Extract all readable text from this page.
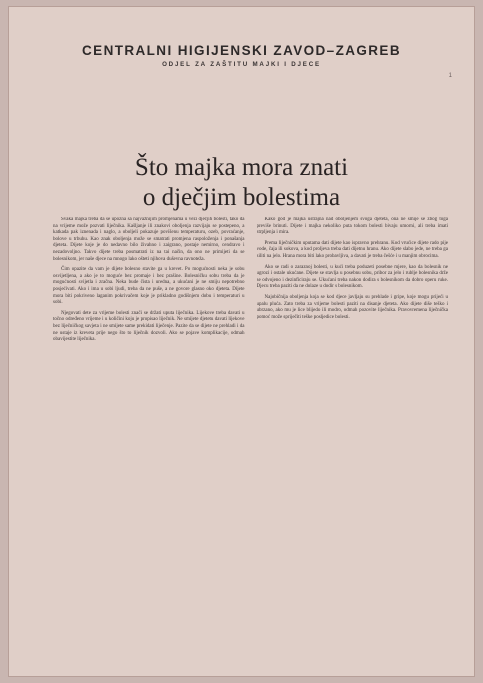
CENTRALNI HIGIJENSKI ZAVOD–ZAGREB
ODJEL ZA ZAŠTITU MAJKI I DJECE
1
Što majka mora znati
o dječjim bolestima

Svaka majka treba da se upozna sa najvažnijim promjenama u vezi dječjih bolesti, tako da na vrijeme može pozvati liječnika. Kašljanje ili znakovi oboljenja razvijaju se postepeno, a katkada pak iznenada i naglo, a oboljeli pokazuje povišenu temperaturu, ozeb, povraćanje, bolove u trbuhu. Kao znak oboljenja može se smatrati promjena raspoloženja i ponašanja djeteta. Dijete koje je do nedavno bilo živahno i zaigrano, postaje nemirno, cendravo i nezadovoljno. Takvo dijete treba posmatrati iz na tai način, da ono ne primijeti da se bolesnikom, jer naše djece na mnogo lako ošteti njihova duševna ravnoteža.

Čim opazite da vam je dijete bolesno stavite ga u krevet. Po mogućnosti neka je sobu osvijetljena, a ako je to moguće bez promaje i bez prašine. Bolesničku sobu treba da je mogućnosti svijetla i zračna. Neka bude čista i uredna, a ukućani je ne smiju nepotrebno posjećivati. Ako i ima u sobi ljudi, treba da ne puše, a ne govore glasno oko djeteta. Dijete mora biti pokriveno laganim pokrivačem koje je prikladno godišnjem dobu i temperaturi u sobi.

Njegovati dete za vrijeme bolesti znači se držati uputa liječnika. Lijekove treba davati u točno određeno vrijeme i u količini koju je propisao liječnik. Ne smijete djetetu davati lijekove bez liječničkog savjeta i ne smijete same prekidati liječenje. Pazite da se dijete ne prehladi i da ne ustaje iz kreveta prije nego što to liječnik dozvoli. Ako se pojave komplikacije, odmah obavijestite liječnika.

Kako god je majka ustrajna nad oboljenjem svoga djeteta, ona ne smije se zbog toga previše brinuti. Dijete i majka nekoliko puta tokom bolesti bivaju umorni, ali treba imati strpljenja i mira.

Prema liječničkim uputama dati dijete kao ispravno prehranu. Kod vrućice dijete rado pije vode, čaja ili sokova, a kod proljeva treba dati dijetnu hranu. Ako dijete slabo jede, ne treba ga siliti na jelo. Hrana mora biti lako probavljiva, a davati je treba češće i u manjim obrocima.

Ako se radi o zaraznoj bolesti, u kući treba poduzeti posebne mjere, kao da bolesnik ne ugrozi i ostale ukućane. Dijete se stavlja u posebnu sobu, pribor za jelo i rublje bolesnika drže se odvojeno i dezinficiraju se. Ukućani treba nakon dodira s bolesnikom da dobro operu ruke. Djecu treba paziti da ne dolaze u dodir s bolesnikom.

Najobičnija oboljenja koja se kod djece javljaju su prehlade i gripe, koje mogu prijeći u upalu pluća. Zato treba za vrijeme bolesti paziti na disanje djeteta. Ako dijete diše teško i ubrzano, ako mu je lice blijedo ili modro, odmah pozovite liječnika. Pravovremena liječnička pomoć može spriječiti teške posljedice bolesti.
